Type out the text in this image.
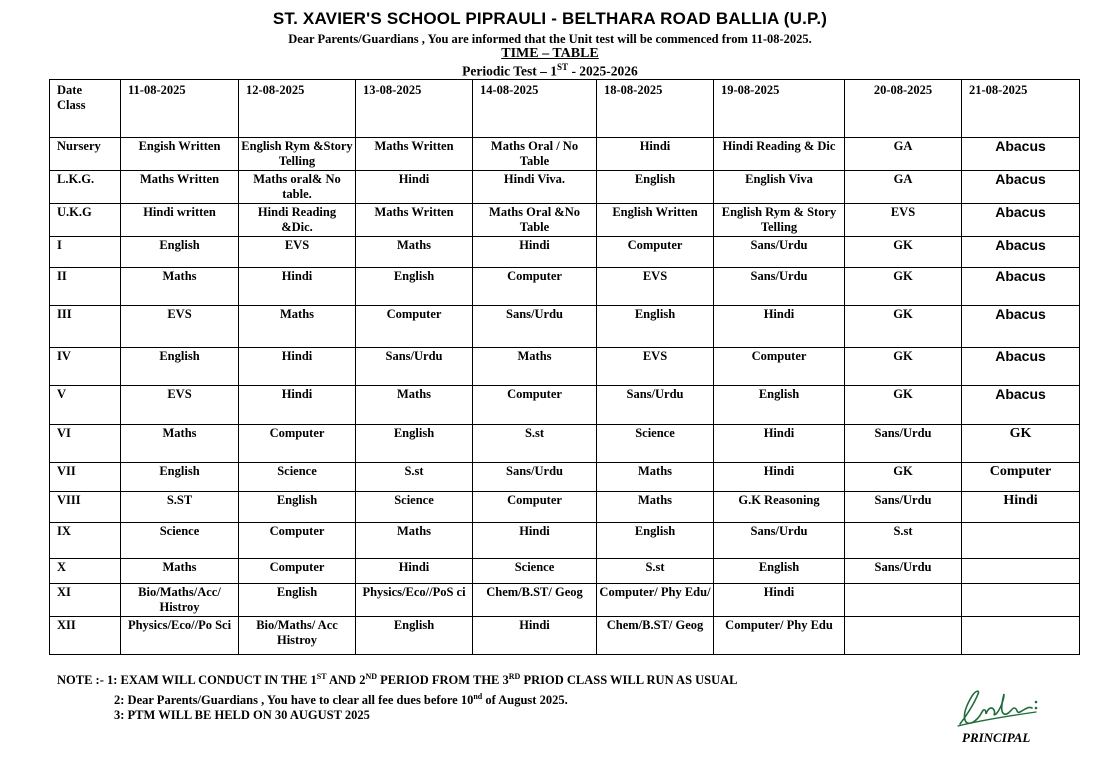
ST. XAVIER'S SCHOOL PIPRAULI - BELTHARA ROAD BALLIA (U.P.)
Dear Parents/Guardians , You are informed that the Unit test will be commenced from 11-08-2025.
TIME – TABLE
Periodic Test – 1ST - 2025-2026
Date
Class	11-08-2025	12-08-2025	13-08-2025	14-08-2025	18-08-2025	19-08-2025	20-08-2025	21-08-2025
Nursery	Engish Written	English Rym &Story Telling	Maths Written	Maths Oral / No Table	Hindi	Hindi Reading & Dic	GA	Abacus
L.K.G.	Maths Written	Maths oral& No table.	Hindi	Hindi Viva.	English	English Viva	GA	Abacus
U.K.G	Hindi written	Hindi Reading &Dic.	Maths Written	Maths Oral &No Table	English Written	English Rym & Story Telling	EVS	Abacus
I	English	EVS	Maths	Hindi	Computer	Sans/Urdu	GK	Abacus
II	Maths	Hindi	English	Computer	EVS	Sans/Urdu	GK	Abacus
III	EVS	Maths	Computer	Sans/Urdu	English	Hindi	GK	Abacus
IV	English	Hindi	Sans/Urdu	Maths	EVS	Computer	GK	Abacus
V	EVS	Hindi	Maths	Computer	Sans/Urdu	English	GK	Abacus
VI	Maths	Computer	English	S.st	Science	Hindi	Sans/Urdu	GK
VII	English	Science	S.st	Sans/Urdu	Maths	Hindi	GK	Computer
VIII	S.ST	English	Science	Computer	Maths	G.K Reasoning	Sans/Urdu	Hindi
IX	Science	Computer	Maths	Hindi	English	Sans/Urdu	S.st	
X	Maths	Computer	Hindi	Science	S.st	English	Sans/Urdu	
XI	Bio/Maths/Acc/ Histroy	English	Physics/Eco//PoS ci	Chem/B.ST/ Geog	Computer/ Phy Edu/	Hindi		
XII	Physics/Eco//Po Sci	Bio/Maths/ Acc Histroy	English	Hindi	Chem/B.ST/ Geog	Computer/ Phy Edu		
NOTE :- 1: EXAM WILL CONDUCT IN THE 1ST AND 2ND PERIOD FROM THE 3RD PRIOD CLASS WILL RUN AS USUAL
2: Dear Parents/Guardians , You have to clear all fee dues before 10nd of August 2025.
3: PTM WILL BE HELD ON 30 AUGUST 2025
PRINCIPAL
